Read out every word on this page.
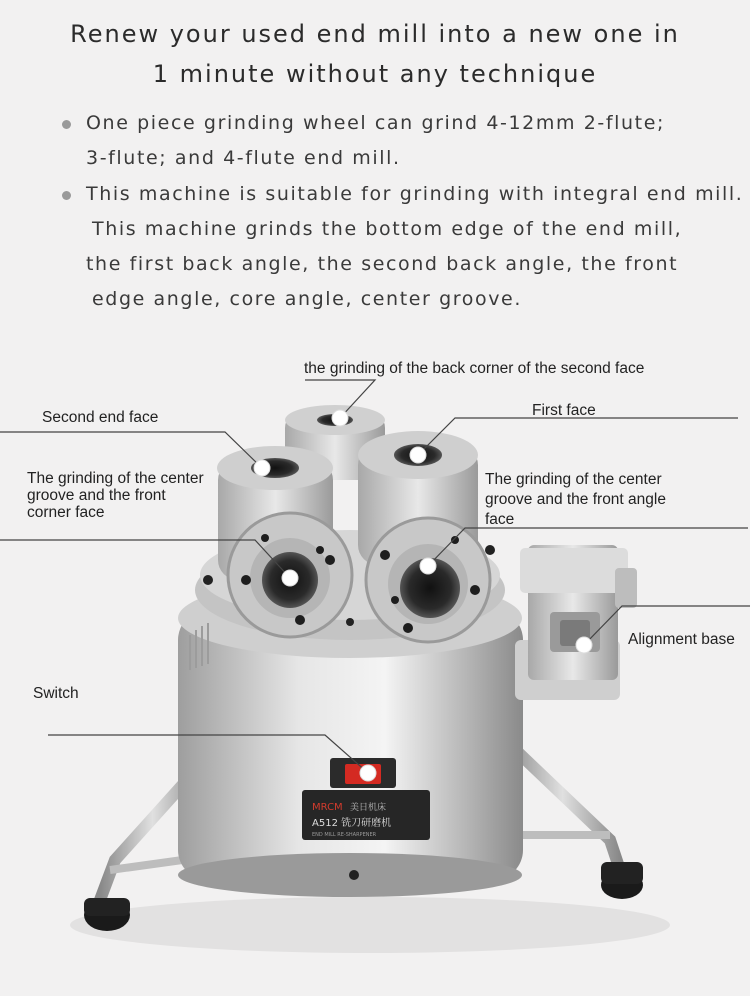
Renew your used end mill into a new one in
1 minute without any technique
One piece grinding wheel can grind 4-12mm 2-flute;
3-flute; and 4-flute end mill.
This machine is suitable for grinding with integral end mill.
This machine grinds the bottom edge of the end mill,
the first back angle, the second back angle, the front
edge angle, core angle, center groove.
MRCM 美日机床
A512 铣刀研磨机
END MILL RE-SHARPENER
the grinding of the back corner of the second face
Second end face	First face
The grinding of the center
groove and the front
corner face
The grinding of the center
groove and the front angle
face
Alignment base
Switch
